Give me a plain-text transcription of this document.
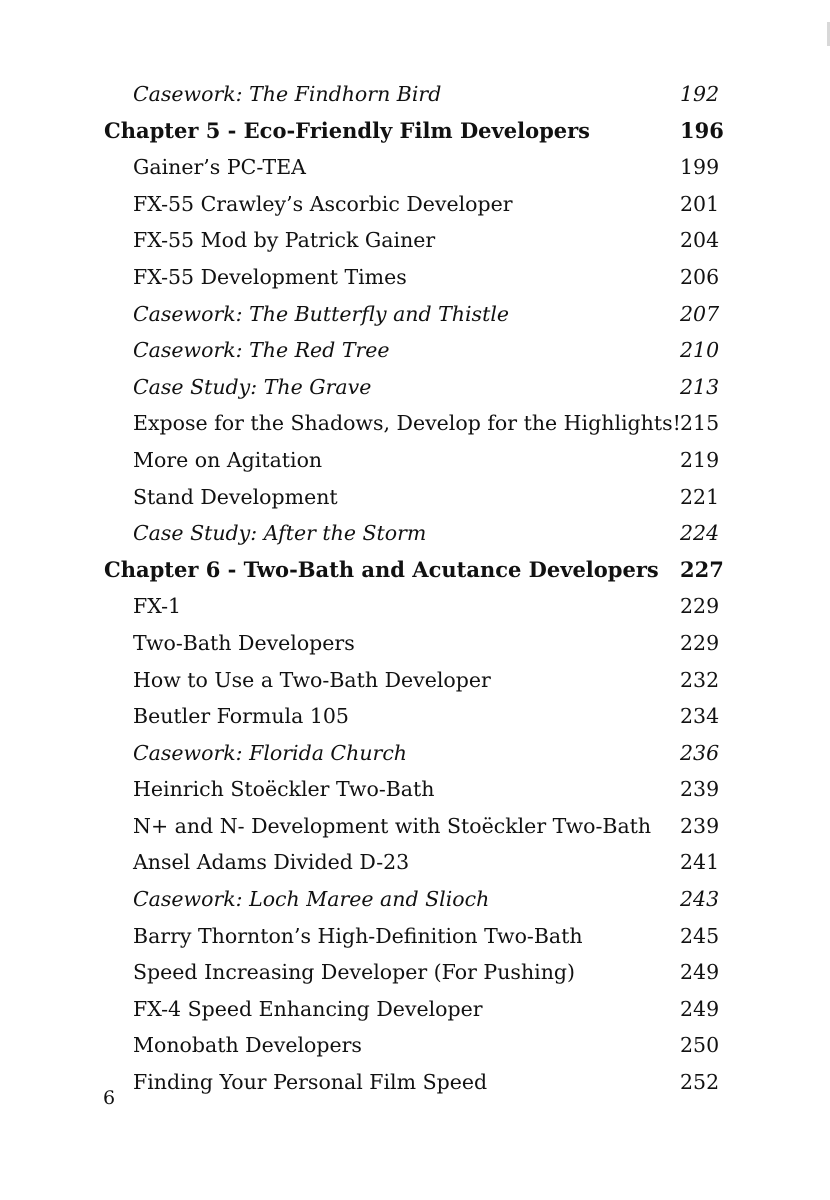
Casework: The Findhorn Bird	192
Chapter 5 - Eco-Friendly Film Developers	196
Gainer’s PC-TEA	199
FX-55 Crawley’s Ascorbic Developer	201
FX-55 Mod by Patrick Gainer	204
FX-55 Development Times	206
Casework: The Butterfly and Thistle	207
Casework: The Red Tree	210
Case Study: The Grave	213
Expose for the Shadows, Develop for the Highlights! 215
More on Agitation	219
Stand Development	221
Case Study: After the Storm	224
Chapter 6 - Two-Bath and Acutance Developers 227
FX-1	229
Two-Bath Developers	229
How to Use a Two-Bath Developer	232
Beutler Formula 105	234
Casework: Florida Church	236
Heinrich Stoëckler Two-Bath	239
N+ and N- Development with Stoëckler Two-Bath 239
Ansel Adams Divided D-23	241
Casework: Loch Maree and Slioch	243
Barry Thornton’s High-Definition Two-Bath	245
Speed Increasing Developer (For Pushing)	249
FX-4 Speed Enhancing Developer	249
Monobath Developers	250
Finding Your Personal Film Speed	252
6
